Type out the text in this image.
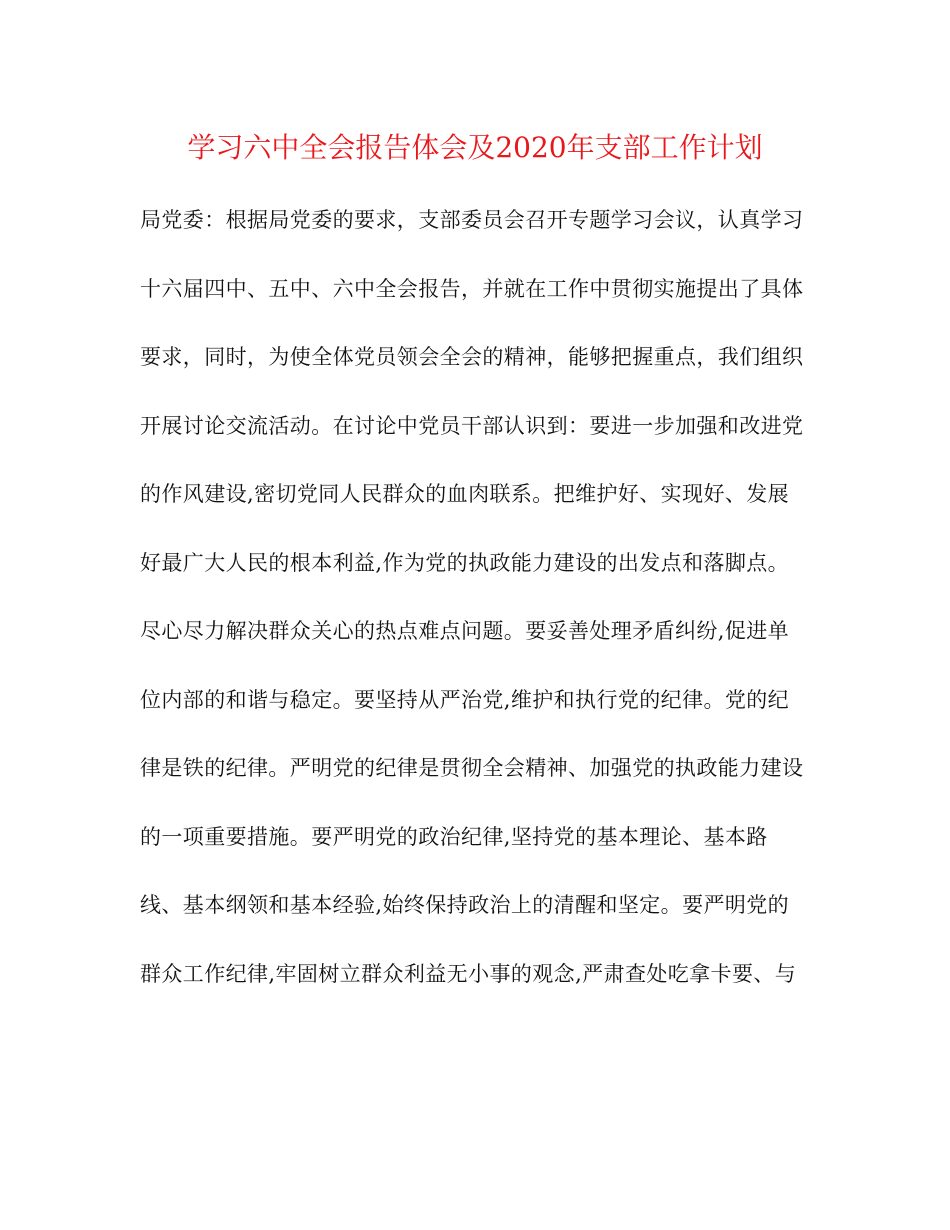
学习六中全会报告体会及2020年支部工作计划
局党委：根据局党委的要求，支部委员会召开专题学习会议，认真学习
十六届四中、五中、六中全会报告，并就在工作中贯彻实施提出了具体
要求，同时，为使全体党员领会全会的精神，能够把握重点，我们组织
开展讨论交流活动。在讨论中党员干部认识到：要进一步加强和改进党
的作风建设,密切党同人民群众的血肉联系。把维护好、实现好、发展
好最广大人民的根本利益,作为党的执政能力建设的出发点和落脚点。
尽心尽力解决群众关心的热点难点问题。要妥善处理矛盾纠纷,促进单
位内部的和谐与稳定。要坚持从严治党,维护和执行党的纪律。党的纪
律是铁的纪律。严明党的纪律是贯彻全会精神、加强党的执政能力建设
的一项重要措施。要严明党的政治纪律,坚持党的基本理论、基本路
线、基本纲领和基本经验,始终保持政治上的清醒和坚定。要严明党的
群众工作纪律,牢固树立群众利益无小事的观念,严肃查处吃拿卡要、与
